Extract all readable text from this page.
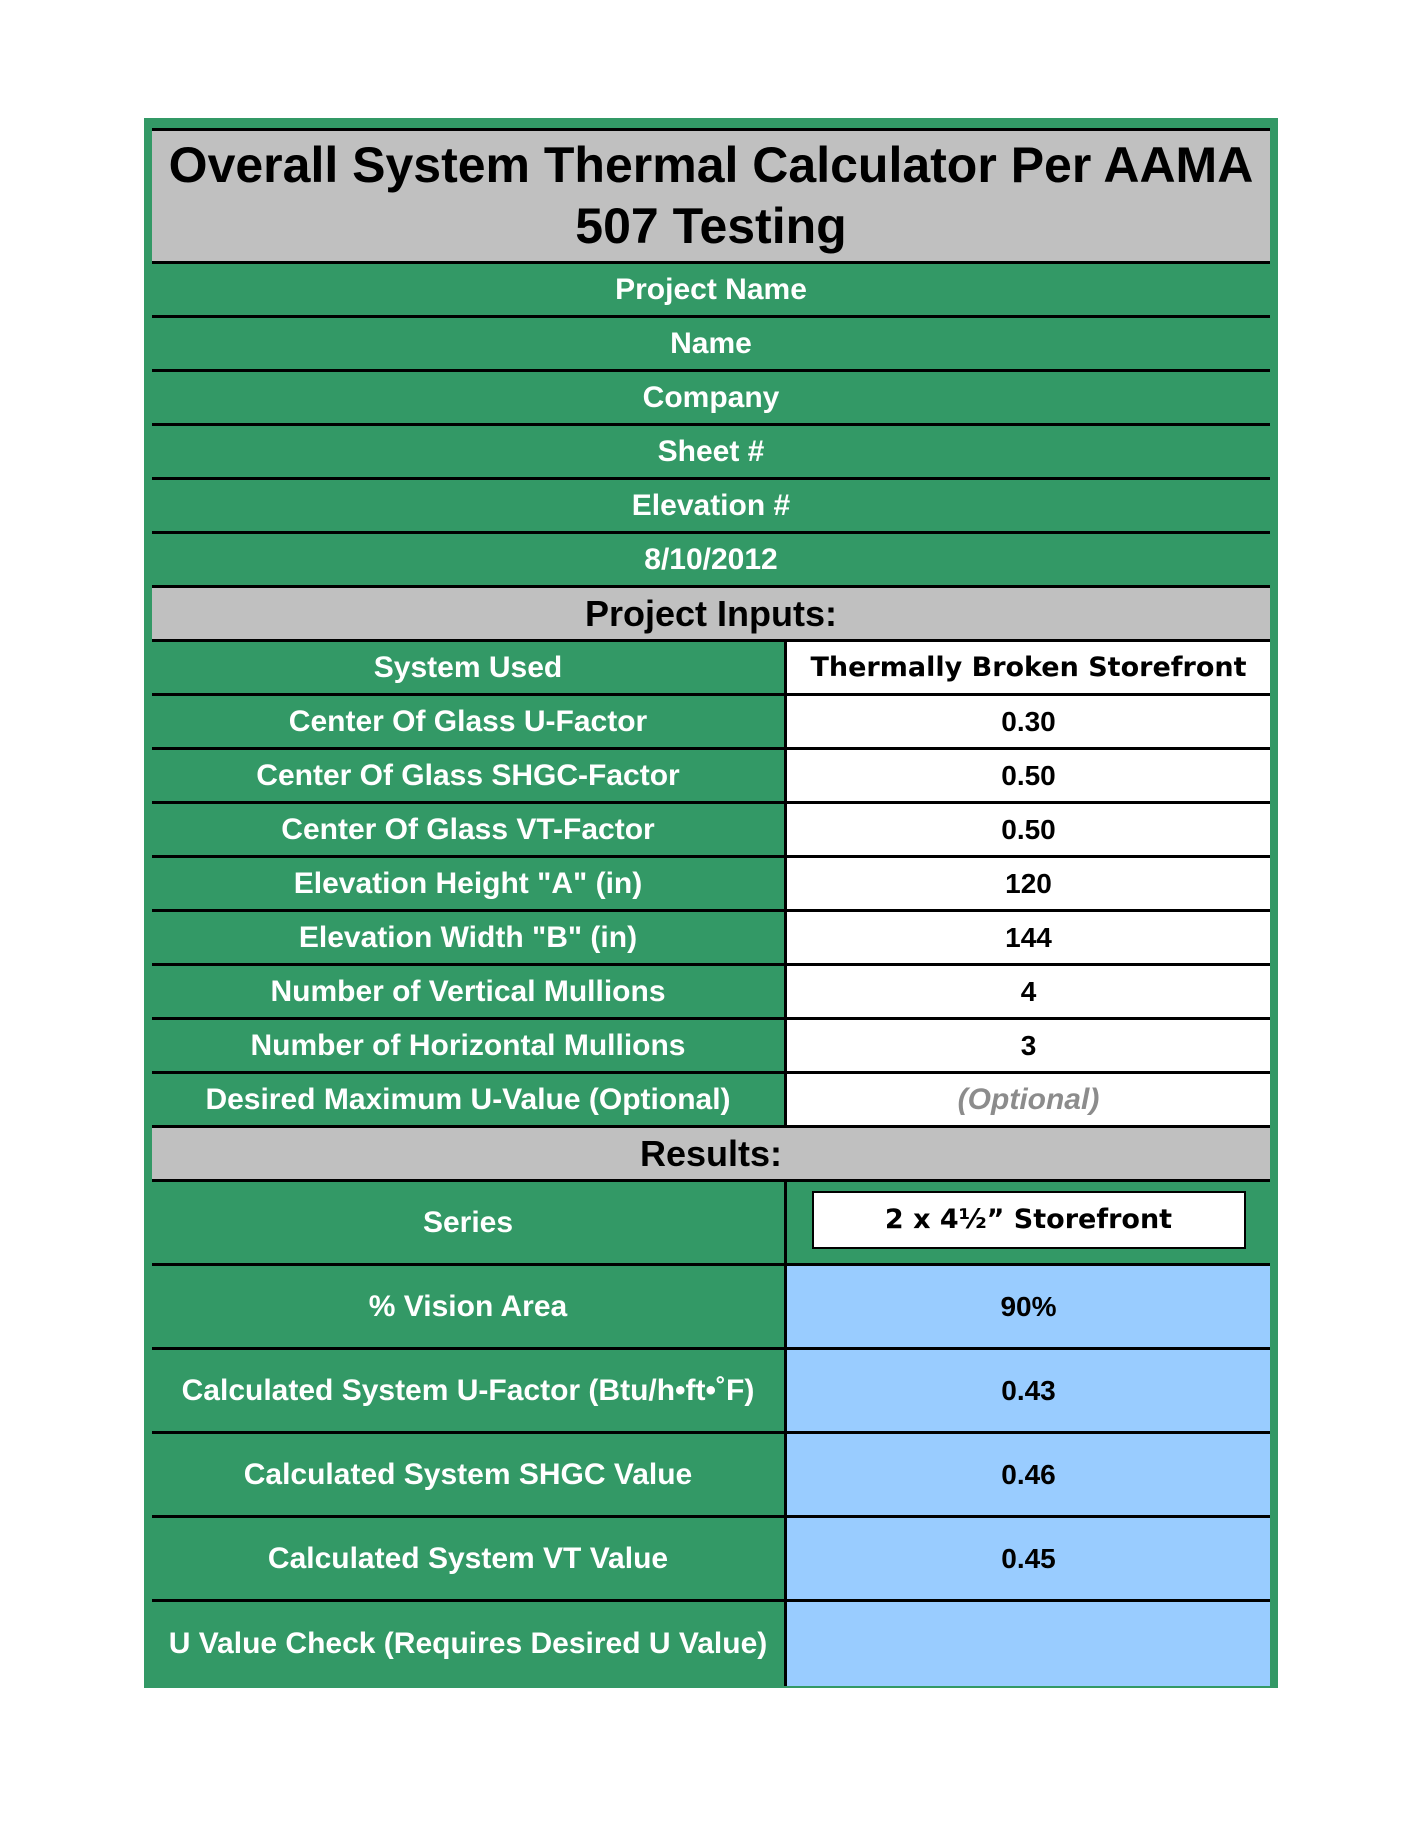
Overall System Thermal Calculator Per AAMA 507 Testing
Project Name
Name
Company
Sheet #
Elevation #
8/10/2012
Project Inputs:
System Used	Thermally Broken Storefront
Center Of Glass U-Factor	0.30
Center Of Glass SHGC-Factor	0.50
Center Of Glass VT-Factor	0.50
Elevation Height "A" (in)	120
Elevation Width "B" (in)	144
Number of Vertical Mullions	4
Number of Horizontal Mullions	3
Desired Maximum U-Value (Optional)	(Optional)
Results:
Series	2 x 4½” Storefront
% Vision Area	90%
Calculated System U-Factor (Btu/h•ft•˚F)	0.43
Calculated System SHGC Value	0.46
Calculated System VT Value	0.45
U Value Check (Requires Desired U Value)
